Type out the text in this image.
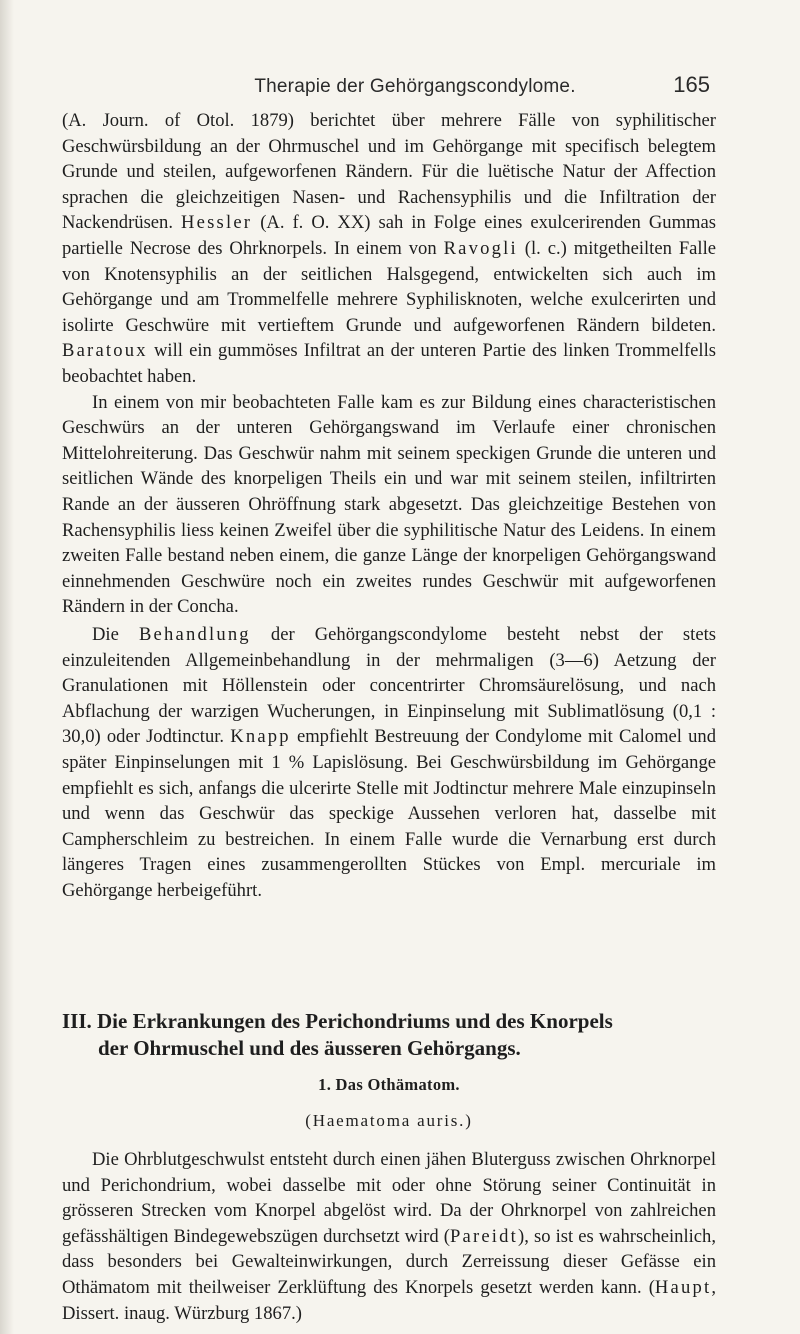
Therapie der Gehörgangscondylome.	165

(A. Journ. of Otol. 1879) berichtet über mehrere Fälle von syphilitischer Geschwürsbildung an der Ohrmuschel und im Gehörgange mit specifisch belegtem Grunde und steilen, aufgeworfenen Rändern. Für die luëtische Natur der Affection sprachen die gleichzeitigen Nasen- und Rachensyphilis und die Infiltration der Nackendrüsen. Hessler (A. f. O. XX) sah in Folge eines exulcerirenden Gummas partielle Necrose des Ohrknorpels. In einem von Ravogli (l. c.) mitgetheilten Falle von Knotensyphilis an der seitlichen Halsgegend, entwickelten sich auch im Gehörgange und am Trommelfelle mehrere Syphilisknoten, welche exulcerirten und isolirte Geschwüre mit vertieftem Grunde und aufgeworfenen Rändern bildeten. Baratoux will ein gummöses Infiltrat an der unteren Partie des linken Trommelfells beobachtet haben.

In einem von mir beobachteten Falle kam es zur Bildung eines characteristischen Geschwürs an der unteren Gehörgangswand im Verlaufe einer chronischen Mittelohreiterung. Das Geschwür nahm mit seinem speckigen Grunde die unteren und seitlichen Wände des knorpeligen Theils ein und war mit seinem steilen, infiltrirten Rande an der äusseren Ohröffnung stark abgesetzt. Das gleichzeitige Bestehen von Rachensyphilis liess keinen Zweifel über die syphilitische Natur des Leidens. In einem zweiten Falle bestand neben einem, die ganze Länge der knorpeligen Gehörgangswand einnehmenden Geschwüre noch ein zweites rundes Geschwür mit aufgeworfenen Rändern in der Concha.

Die Behandlung der Gehörgangscondylome besteht nebst der stets einzuleitenden Allgemeinbehandlung in der mehrmaligen (3—6) Aetzung der Granulationen mit Höllenstein oder concentrirter Chromsäurelösung, und nach Abflachung der warzigen Wucherungen, in Einpinselung mit Sublimatlösung (0,1 : 30,0) oder Jodtinctur. Knapp empfiehlt Bestreuung der Condylome mit Calomel und später Einpinselungen mit 1 % Lapislösung. Bei Geschwürsbildung im Gehörgange empfiehlt es sich, anfangs die ulcerirte Stelle mit Jodtinctur mehrere Male einzupinseln und wenn das Geschwür das speckige Aussehen verloren hat, dasselbe mit Campherschleim zu bestreichen. In einem Falle wurde die Vernarbung erst durch längeres Tragen eines zusammengerollten Stückes von Empl. mercuriale im Gehörgange herbeigeführt.

III. Die Erkrankungen des Perichondriums und des Knorpels
der Ohrmuschel und des äusseren Gehörgangs.
1. Das Othämatom.
(Haematoma auris.)

Die Ohrblutgeschwulst entsteht durch einen jähen Bluterguss zwischen Ohrknorpel und Perichondrium, wobei dasselbe mit oder ohne Störung seiner Continuität in grösseren Strecken vom Knorpel abgelöst wird. Da der Ohrknorpel von zahlreichen gefässhältigen Bindegewebszügen durchsetzt wird (Pareidt), so ist es wahrscheinlich, dass besonders bei Gewalteinwirkungen, durch Zerreissung dieser Gefässe ein Othämatom mit theilweiser Zerklüftung des Knorpels gesetzt werden kann. (Haupt, Dissert. inaug. Würzburg 1867.)
